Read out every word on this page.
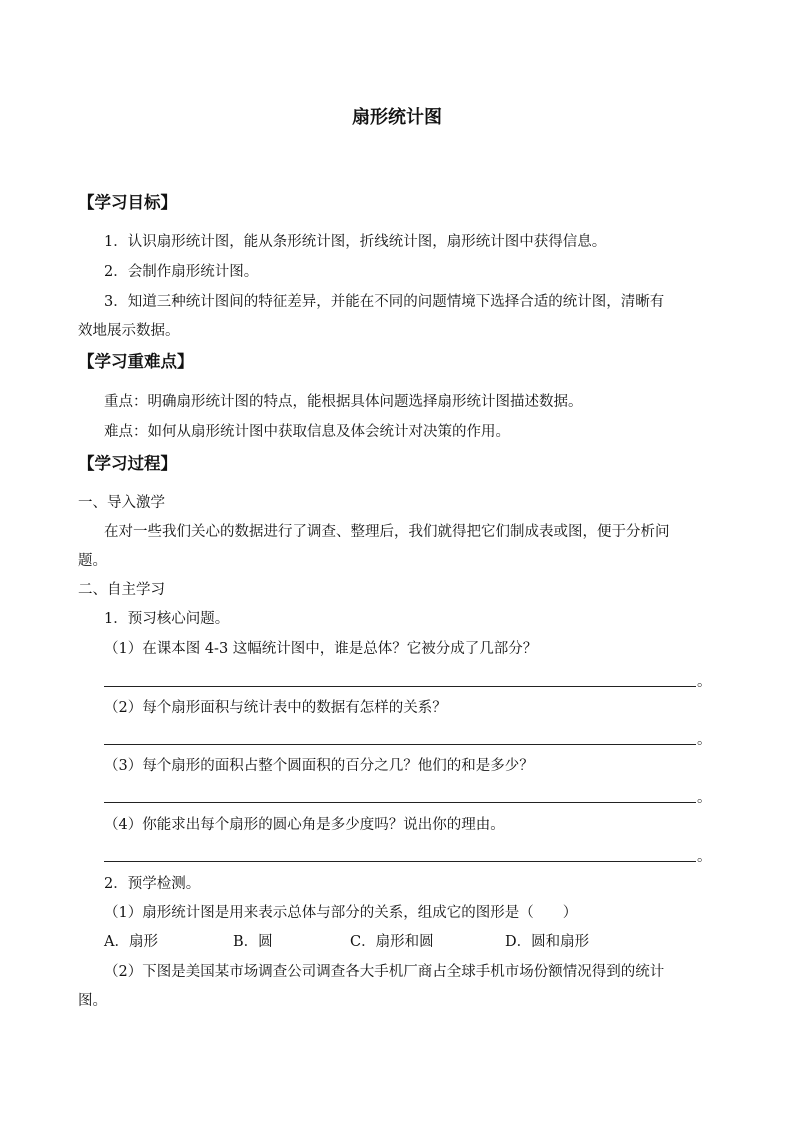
扇形统计图
【学习目标】
1．认识扇形统计图，能从条形统计图，折线统计图，扇形统计图中获得信息。
2．会制作扇形统计图。
3．知道三种统计图间的特征差异，并能在不同的问题情境下选择合适的统计图，清晰有
效地展示数据。
【学习重难点】
重点：明确扇形统计图的特点，能根据具体问题选择扇形统计图描述数据。
难点：如何从扇形统计图中获取信息及体会统计对决策的作用。
【学习过程】
一、导入激学
在对一些我们关心的数据进行了调查、整理后，我们就得把它们制成表或图，便于分析问
题。
二、自主学习
1．预习核心问题。
（1）在课本图 4-3 这幅统计图中，谁是总体？它被分成了几部分？
。
（2）每个扇形面积与统计表中的数据有怎样的关系？
。
（3）每个扇形的面积占整个圆面积的百分之几？他们的和是多少？
。
（4）你能求出每个扇形的圆心角是多少度吗？说出你的理由。
。
2．预学检测。
（1）扇形统计图是用来表示总体与部分的关系，组成它的图形是（　　）
A．扇形	B．圆	C．扇形和圆	D．圆和扇形
（2）下图是美国某市场调查公司调查各大手机厂商占全球手机市场份额情况得到的统计
图。
